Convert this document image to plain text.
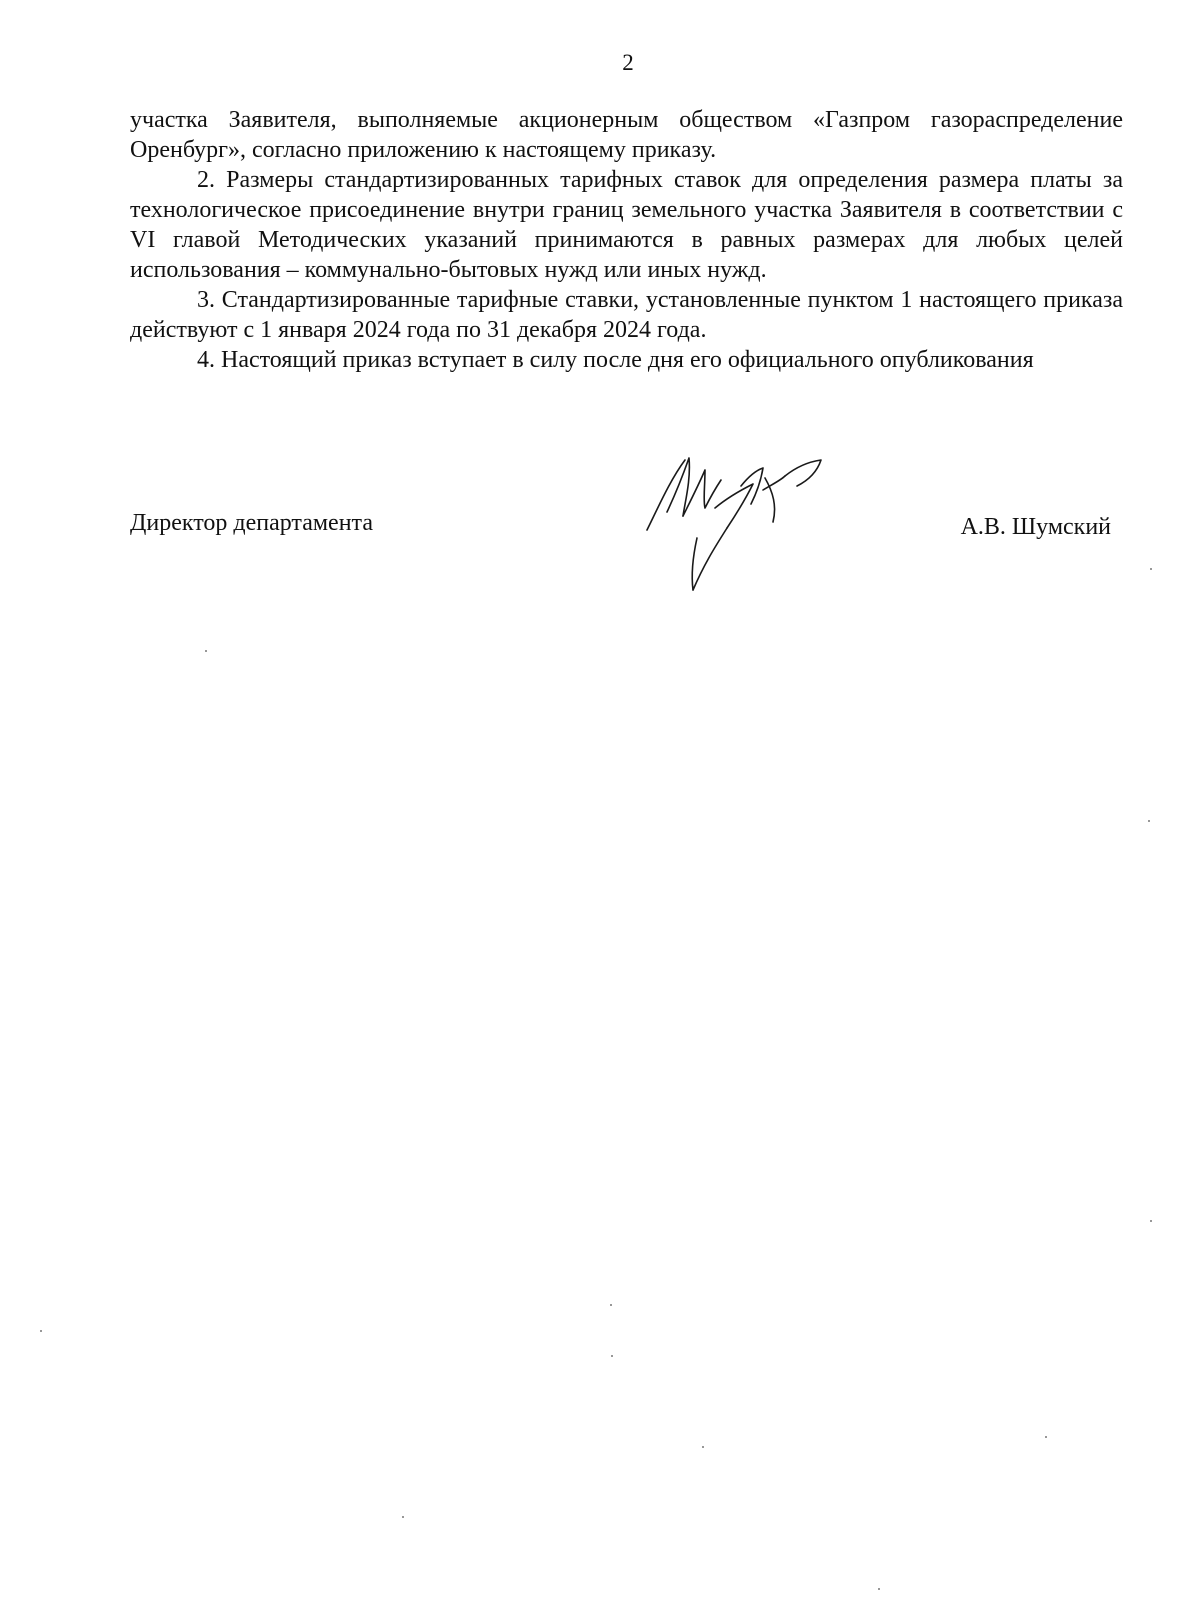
2

участка Заявителя, выполняемые акционерным обществом «Газпром газораспределение Оренбург», согласно приложению к настоящему приказу.

2. Размеры стандартизированных тарифных ставок для определения размера платы за технологическое присоединение внутри границ земельного участка Заявителя в соответствии с VI главой Методических указаний принимаются в равных размерах для любых целей использования – коммунально-бытовых нужд или иных нужд.

3. Стандартизированные тарифные ставки, установленные пунктом 1 настоящего приказа действуют с 1 января 2024 года по 31 декабря 2024 года.

4. Настоящий приказ вступает в силу после дня его официального опубликования

Директор департамента	А.В. Шумский
